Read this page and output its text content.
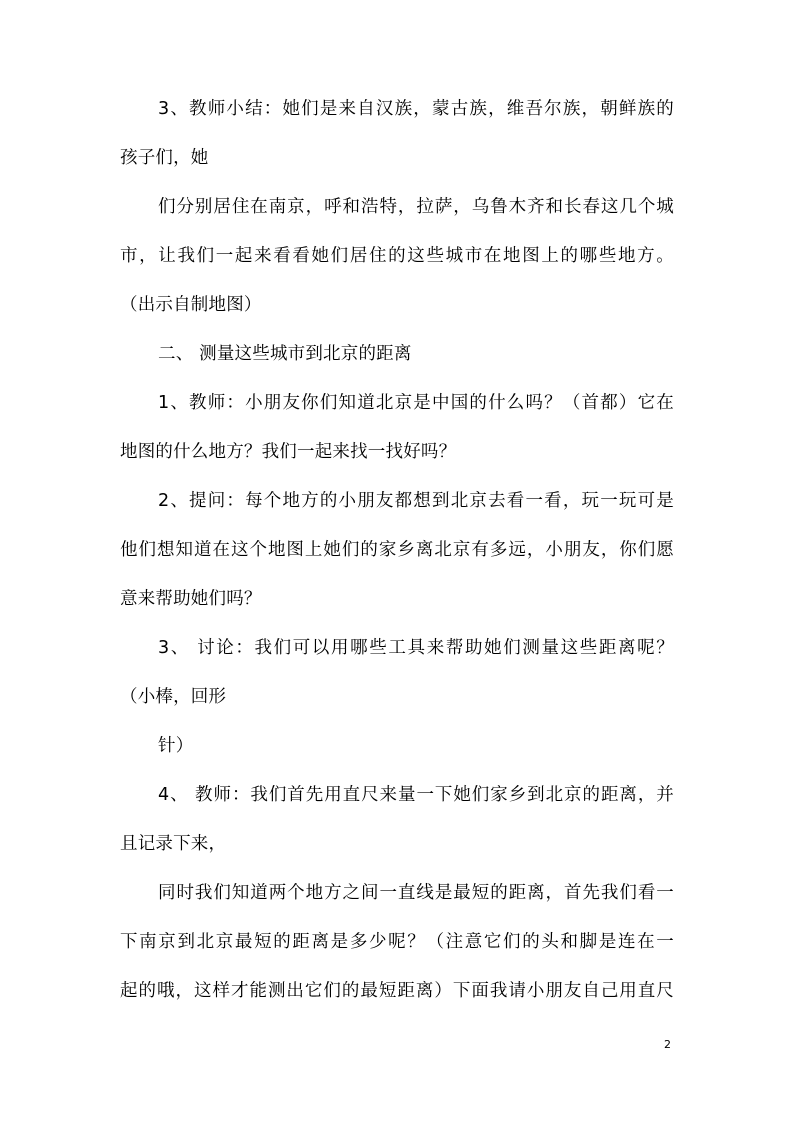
3、教师小结：她们是来自汉族，蒙古族，维吾尔族，朝鲜族的
孩子们，她
们分别居住在南京，呼和浩特，拉萨，乌鲁木齐和长春这几个城
市，让我们一起来看看她们居住的这些城市在地图上的哪些地方。
（出示自制地图）
二、 测量这些城市到北京的距离
1、教师：小朋友你们知道北京是中国的什么吗？（首都）它在
地图的什么地方？我们一起来找一找好吗？
2、提问：每个地方的小朋友都想到北京去看一看，玩一玩可是
他们想知道在这个地图上她们的家乡离北京有多远，小朋友，你们愿
意来帮助她们吗？
3、 讨论：我们可以用哪些工具来帮助她们测量这些距离呢？
（小棒，回形
针）
4、 教师：我们首先用直尺来量一下她们家乡到北京的距离，并
且记录下来，
同时我们知道两个地方之间一直线是最短的距离，首先我们看一
下南京到北京最短的距离是多少呢？（注意它们的头和脚是连在一
起的哦，这样才能测出它们的最短距离）下面我请小朋友自己用直尺
2
